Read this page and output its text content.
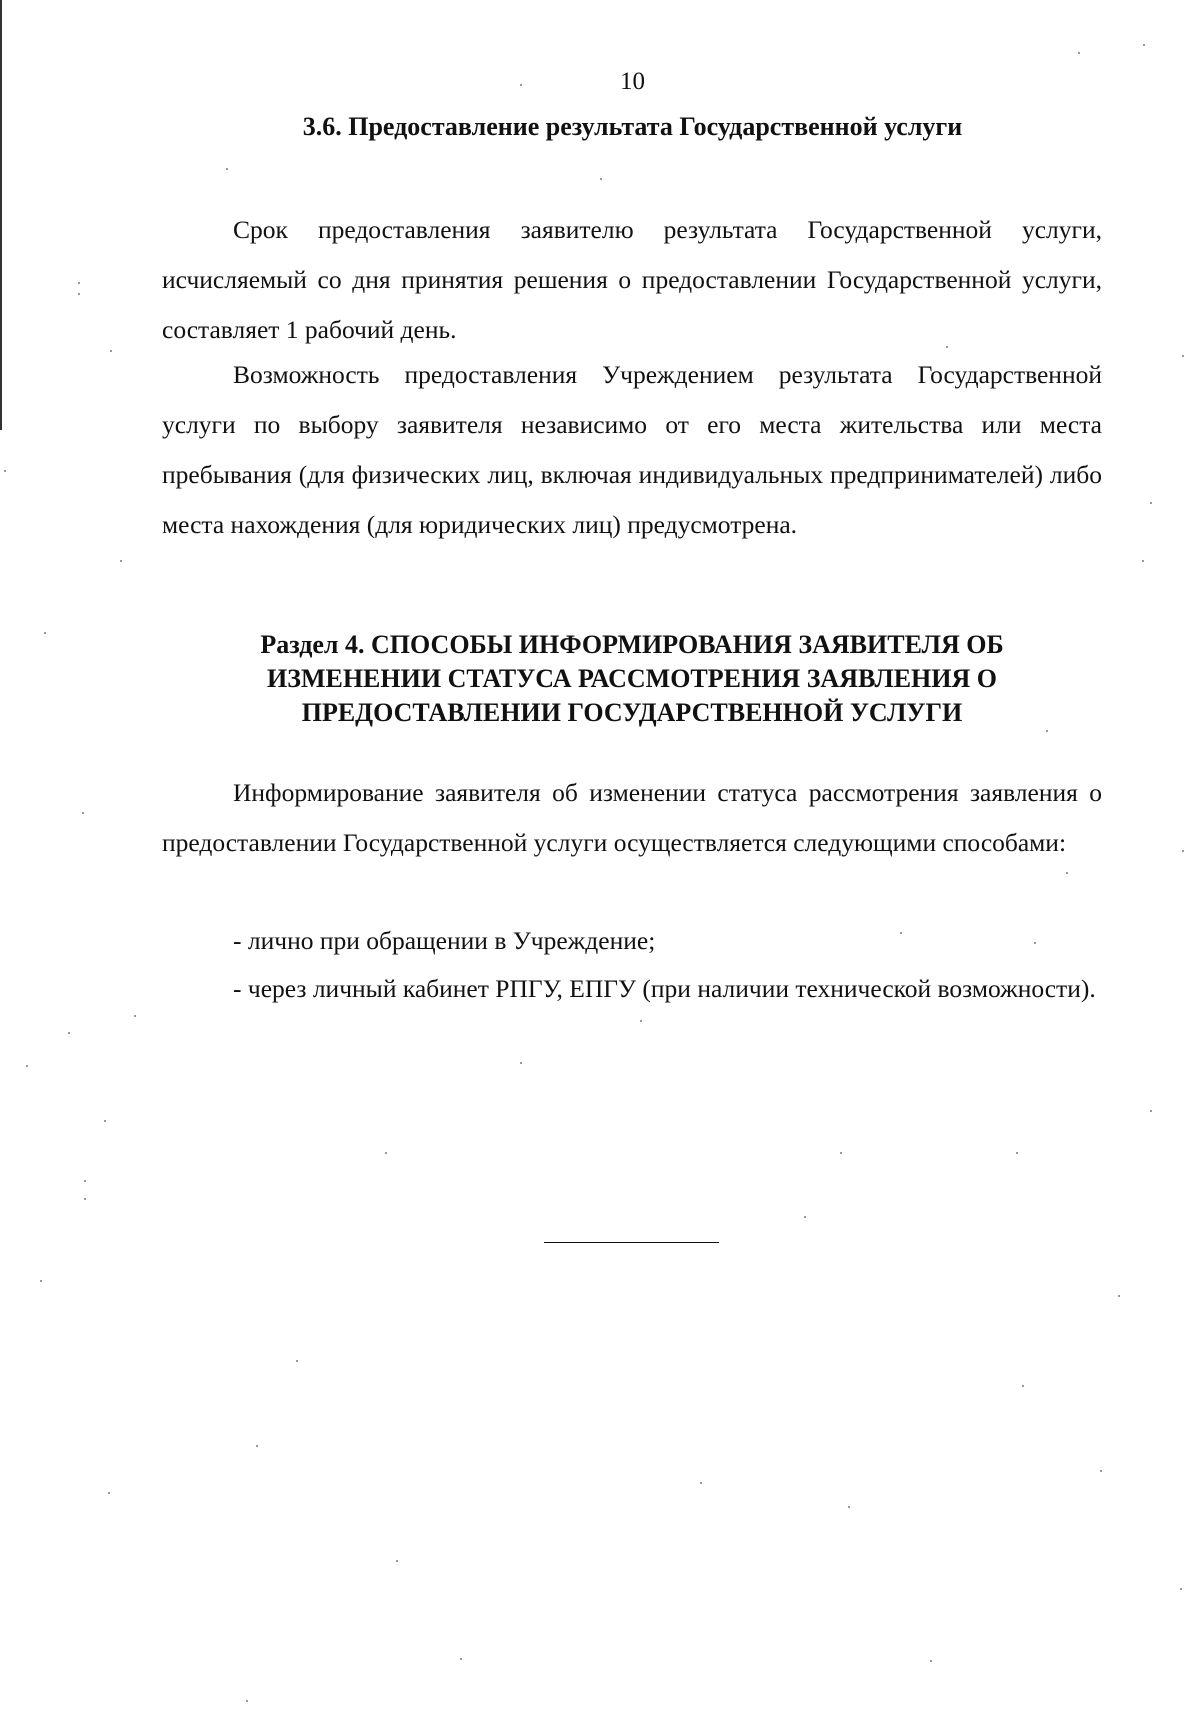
10
3.6. Предоставление результата Государственной услуги
Срок предоставления заявителю результата Государственной услуги, исчисляемый со дня принятия решения о предоставлении Государственной услуги, составляет 1 рабочий день.
Возможность предоставления Учреждением результата Государственной услуги по выбору заявителя независимо от его места жительства или места пребывания (для физических лиц, включая индивидуальных предпринимателей) либо места нахождения (для юридических лиц) предусмотрена.
Раздел 4. СПОСОБЫ ИНФОРМИРОВАНИЯ ЗАЯВИТЕЛЯ ОБ
ИЗМЕНЕНИИ СТАТУСА РАССМОТРЕНИЯ ЗАЯВЛЕНИЯ О
ПРЕДОСТАВЛЕНИИ ГОСУДАРСТВЕННОЙ УСЛУГИ
Информирование заявителя об изменении статуса рассмотрения заявления о предоставлении Государственной услуги осуществляется следующими способами:
- лично при обращении в Учреждение;
- через личный кабинет РПГУ, ЕПГУ (при наличии технической возможности).
